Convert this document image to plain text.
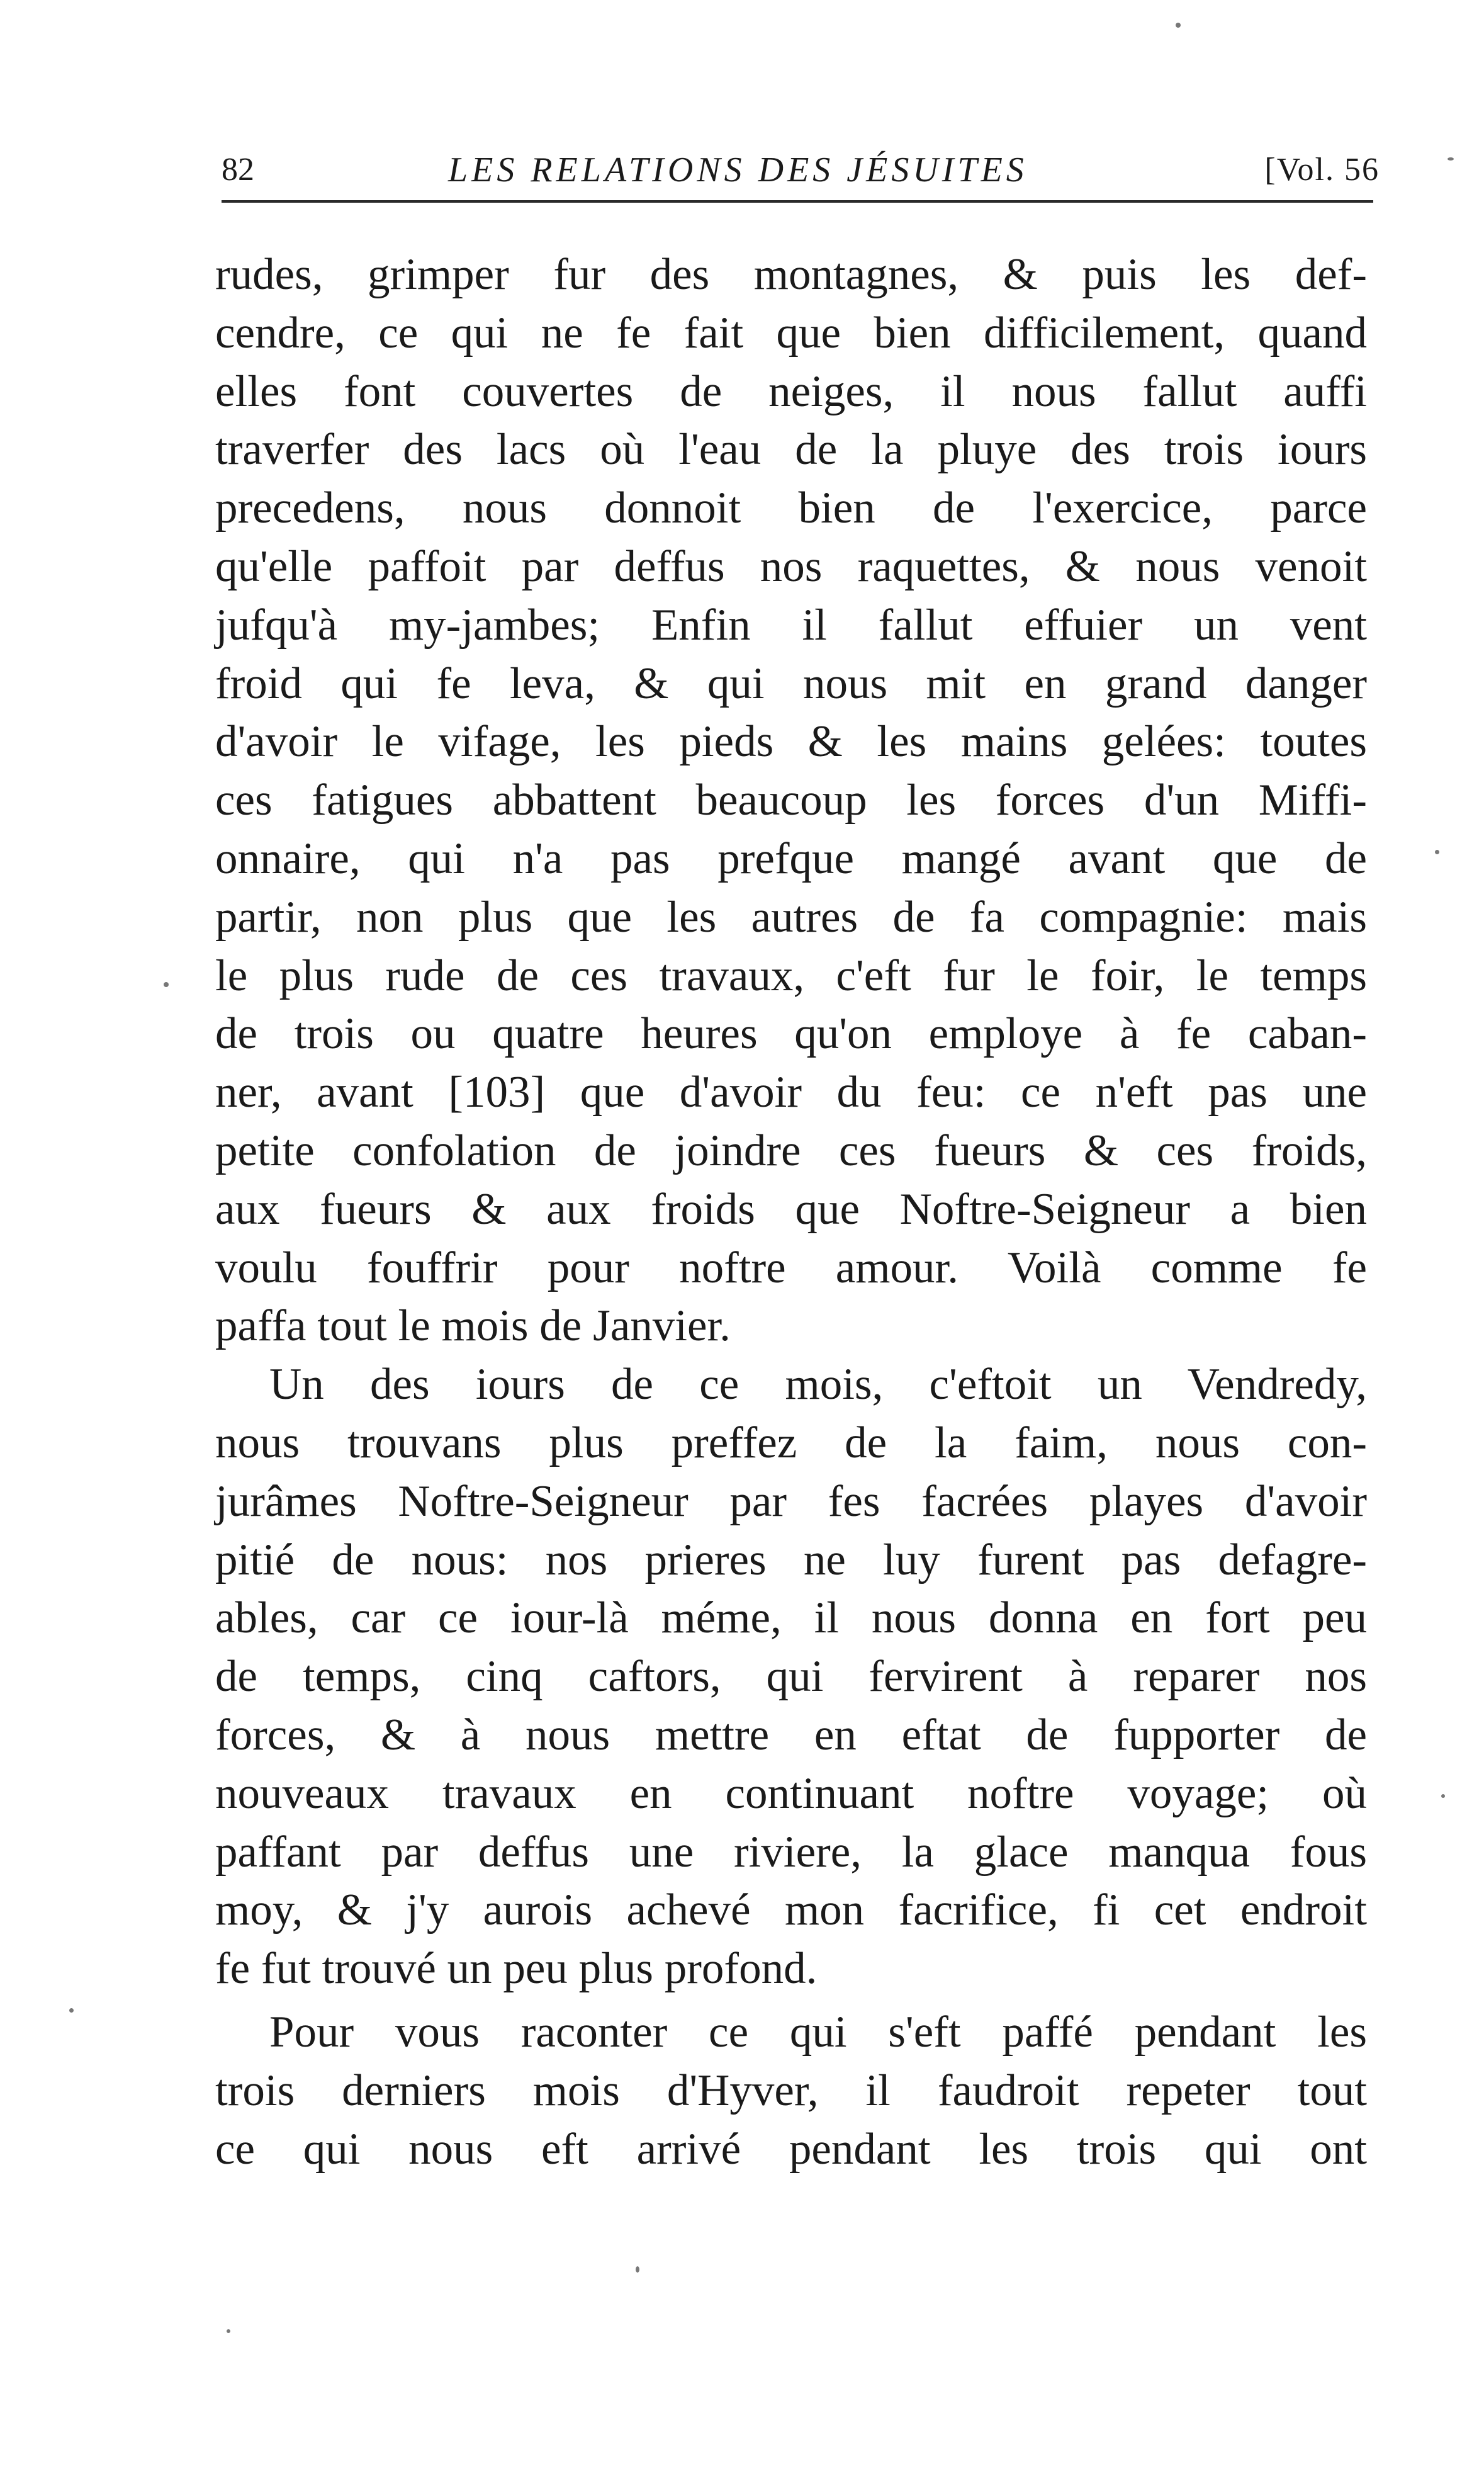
82	LES RELATIONS DES JÉSUITES	[Vol. 56
rudes, grimper fur des montagnes, & puis les def-
cendre, ce qui ne fe fait que bien difficilement, quand
elles font couvertes de neiges, il nous fallut auffi
traverfer des lacs où l'eau de la pluye des trois iours
precedens, nous donnoit bien de l'exercice, parce
qu'elle paffoit par deffus nos raquettes, & nous venoit
jufqu'à my-jambes; Enfin il fallut effuier un vent
froid qui fe leva, & qui nous mit en grand danger
d'avoir le vifage, les pieds & les mains gelées: toutes
ces fatigues abbattent beaucoup les forces d'un Miffi-
onnaire, qui n'a pas prefque mangé avant que de
partir, non plus que les autres de fa compagnie: mais
le plus rude de ces travaux, c'eft fur le foir, le temps
de trois ou quatre heures qu'on employe à fe caban-
ner, avant [103] que d'avoir du feu: ce n'eft pas une
petite confolation de joindre ces fueurs & ces froids,
aux fueurs & aux froids que Noftre-Seigneur a bien
voulu fouffrir pour noftre amour. Voilà comme fe
paffa tout le mois de Janvier.
Un des iours de ce mois, c'eftoit un Vendredy,
nous trouvans plus preffez de la faim, nous con-
jurâmes Noftre-Seigneur par fes facrées playes d'avoir
pitié de nous: nos prieres ne luy furent pas defagre-
ables, car ce iour-là méme, il nous donna en fort peu
de temps, cinq caftors, qui fervirent à reparer nos
forces, & à nous mettre en eftat de fupporter de
nouveaux travaux en continuant noftre voyage; où
paffant par deffus une riviere, la glace manqua fous
moy, & j'y aurois achevé mon facrifice, fi cet endroit
fe fut trouvé un peu plus profond.
Pour vous raconter ce qui s'eft paffé pendant les
trois derniers mois d'Hyver, il faudroit repeter tout
ce qui nous eft arrivé pendant les trois qui ont
